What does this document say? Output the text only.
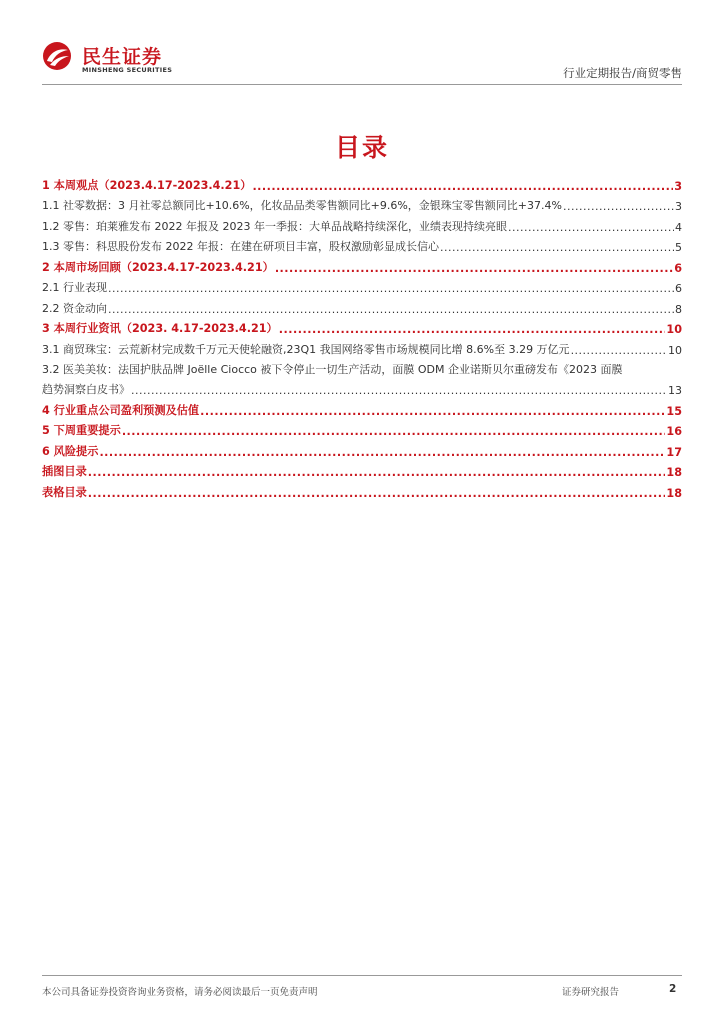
民生证券
MINSHENG SECURITIES	行业定期报告/商贸零售
目录
1 本周观点（2023.4.17-2023.4.21） .....	3
1.1 社零数据：3 月社零总额同比+10.6%，化妆品品类零售额同比+9.6%，金银珠宝零售额同比+37.4% .....	3
1.2 零售：珀莱雅发布 2022 年报及 2023 年一季报：大单品战略持续深化，业绩表现持续亮眼 .....	4
1.3 零售：科思股份发布 2022 年报：在建在研项目丰富，股权激励彰显成长信心 .....	5
2 本周市场回顾（2023.4.17-2023.4.21） .....	6
2.1 行业表现 .....	6
2.2 资金动向 .....	8
3 本周行业资讯（2023. 4.17-2023.4.21） .....	10
3.1 商贸珠宝：云荒新材完成数千万元天使轮融资,23Q1 我国网络零售市场规模同比增 8.6%至 3.29 万亿元 .....	10
3.2 医美美妆：法国护肤品牌 Joëlle Ciocco 被下令停止一切生产活动，面膜 ODM 企业诺斯贝尔重磅发布《2023 面膜
趋势洞察白皮书》 .....	13
4 行业重点公司盈利预测及估值 .....	15
5 下周重要提示 .....	16
6 风险提示 .....	17
插图目录 .....	18
表格目录 .....	18
本公司具备证券投资咨询业务资格，请务必阅读最后一页免责声明	证券研究报告	2
